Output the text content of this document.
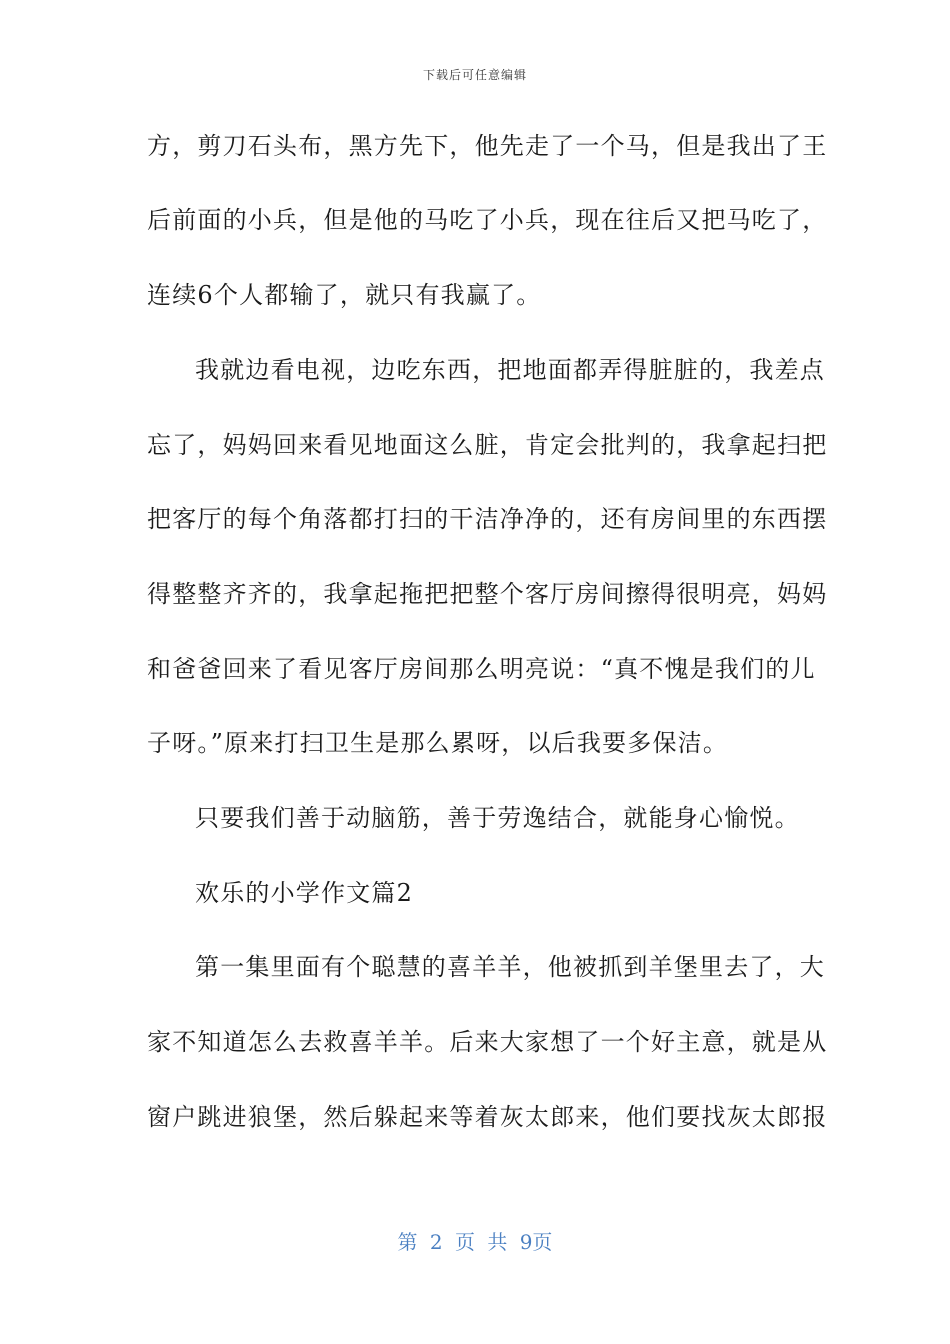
下载后可任意编辑
方，剪刀石头布，黑方先下，他先走了一个马，但是我出了王
后前面的小兵，但是他的马吃了小兵，现在往后又把马吃了，
连续6个人都输了，就只有我赢了。
我就边看电视，边吃东西，把地面都弄得脏脏的，我差点
忘了，妈妈回来看见地面这么脏，肯定会批判的，我拿起扫把
把客厅的每个角落都打扫的干洁净净的，还有房间里的东西摆
得整整齐齐的，我拿起拖把把整个客厅房间擦得很明亮，妈妈
和爸爸回来了看见客厅房间那么明亮说：“真不愧是我们的儿
子呀。”原来打扫卫生是那么累呀，以后我要多保洁。
只要我们善于动脑筋，善于劳逸结合，就能身心愉悦。
欢乐的小学作文篇2
第一集里面有个聪慧的喜羊羊，他被抓到羊堡里去了，大
家不知道怎么去救喜羊羊。后来大家想了一个好主意，就是从
窗户跳进狼堡，然后躲起来等着灰太郎来，他们要找灰太郎报
第 2 页 共 9页
